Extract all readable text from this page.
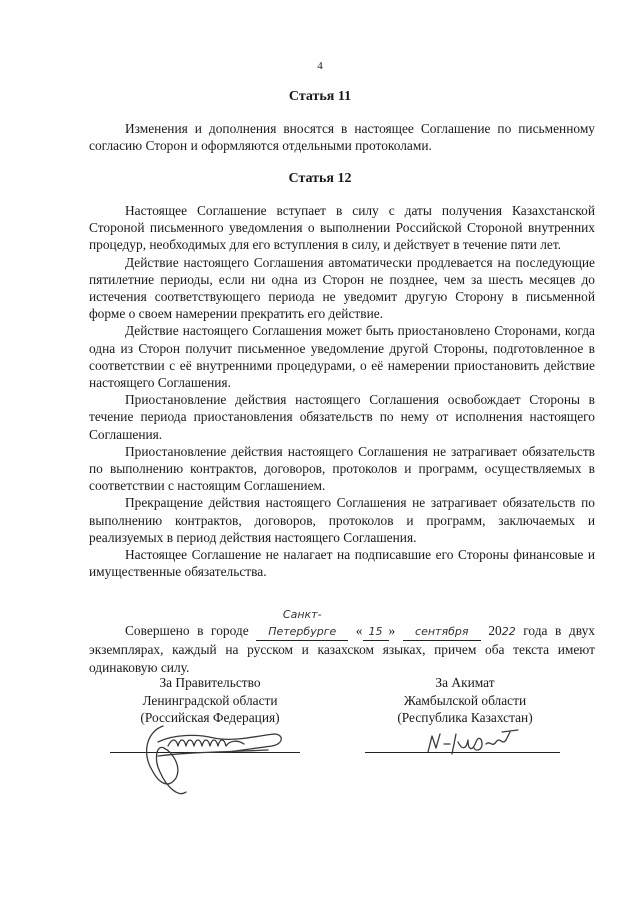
4
Статья 11

Изменения и дополнения вносятся в настоящее Соглашение по письменному согласию Сторон и оформляются отдельными протоколами.

Статья 12

Настоящее Соглашение вступает в силу с даты получения Казахстанской Стороной письменного уведомления о выполнении Российской Стороной внутренних процедур, необходимых для его вступления в силу, и действует в течение пяти лет.

Действие настоящего Соглашения автоматически продлевается на последующие пятилетние периоды, если ни одна из Сторон не позднее, чем за шесть месяцев до истечения соответствующего периода не уведомит другую Сторону в письменной форме о своем намерении прекратить его действие.

Действие настоящего Соглашения может быть приостановлено Сторонами, когда одна из Сторон получит письменное уведомление другой Стороны, подготовленное в соответствии с её внутренними процедурами, о её намерении приостановить действие настоящего Соглашения.

Приостановление действия настоящего Соглашения освобождает Стороны в течение периода приостановления обязательств по нему от исполнения настоящего Соглашения.

Приостановление действия настоящего Соглашения не затрагивает обязательств по выполнению контрактов, договоров, протоколов и программ, осуществляемых в соответствии с настоящим Соглашением.

Прекращение действия настоящего Соглашения не затрагивает обязательств по выполнению контрактов, договоров, протоколов и программ, заключаемых и реализуемых в период действия настоящего Соглашения.

Настоящее Соглашение не налагает на подписавшие его Стороны финансовые и имущественные обязательства.

Совершено в городе Санкт-Петербурге « 15 » сентября 2022 года в двух экземплярах, каждый на русском и казахском языках, причем оба текста имеют одинаковую силу.

За Правительство
Ленинградской области
(Российская Федерация)
За Акимат
Жамбылской области
(Республика Казахстан)
